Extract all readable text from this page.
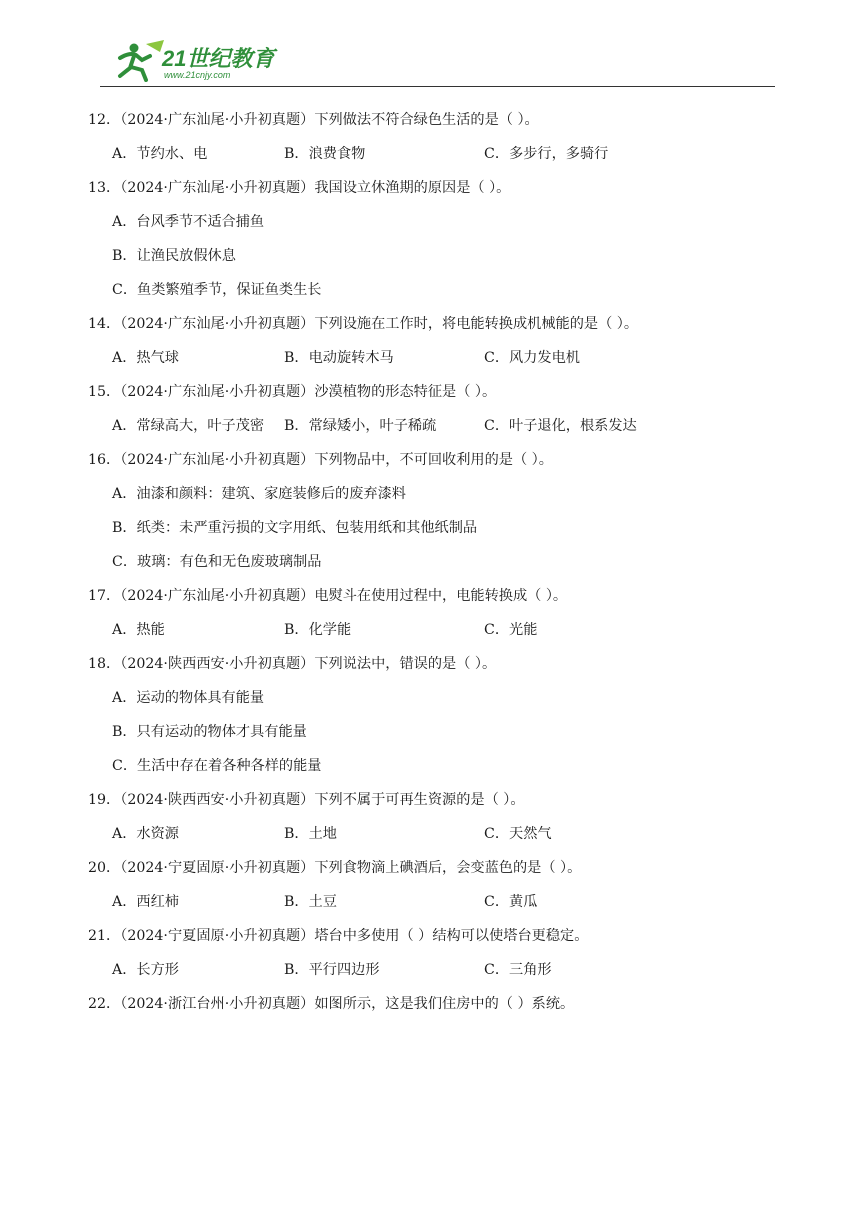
21世纪教育
www.21cnjy.com
12．（2024·广东汕尾·小升初真题）下列做法不符合绿色生活的是（ ）。
A．节约水、电	B．浪费食物	C．多步行，多骑行
13．（2024·广东汕尾·小升初真题）我国设立休渔期的原因是（ ）。
A．台风季节不适合捕鱼
B．让渔民放假休息
C．鱼类繁殖季节，保证鱼类生长
14．（2024·广东汕尾·小升初真题）下列设施在工作时，将电能转换成机械能的是（ ）。
A．热气球	B．电动旋转木马	C．风力发电机
15．（2024·广东汕尾·小升初真题）沙漠植物的形态特征是（ ）。
A．常绿高大，叶子茂密 B．常绿矮小，叶子稀疏	C．叶子退化，根系发达
16．（2024·广东汕尾·小升初真题）下列物品中，不可回收利用的是（ ）。
A．油漆和颜料：建筑、家庭装修后的废弃漆料
B．纸类：未严重污损的文字用纸、包装用纸和其他纸制品
C．玻璃：有色和无色废玻璃制品
17．（2024·广东汕尾·小升初真题）电熨斗在使用过程中，电能转换成（ ）。
A．热能	B．化学能	C．光能
18．（2024·陕西西安·小升初真题）下列说法中，错误的是（ ）。
A．运动的物体具有能量
B．只有运动的物体才具有能量
C．生活中存在着各种各样的能量
19．（2024·陕西西安·小升初真题）下列不属于可再生资源的是（ ）。
A．水资源	B．土地	C．天然气
20．（2024·宁夏固原·小升初真题）下列食物滴上碘酒后，会变蓝色的是（ ）。
A．西红柿	B．土豆	C．黄瓜
21．（2024·宁夏固原·小升初真题）塔台中多使用（ ）结构可以使塔台更稳定。
A．长方形	B．平行四边形	C．三角形
22．（2024·浙江台州·小升初真题）如图所示，这是我们住房中的（ ）系统。
